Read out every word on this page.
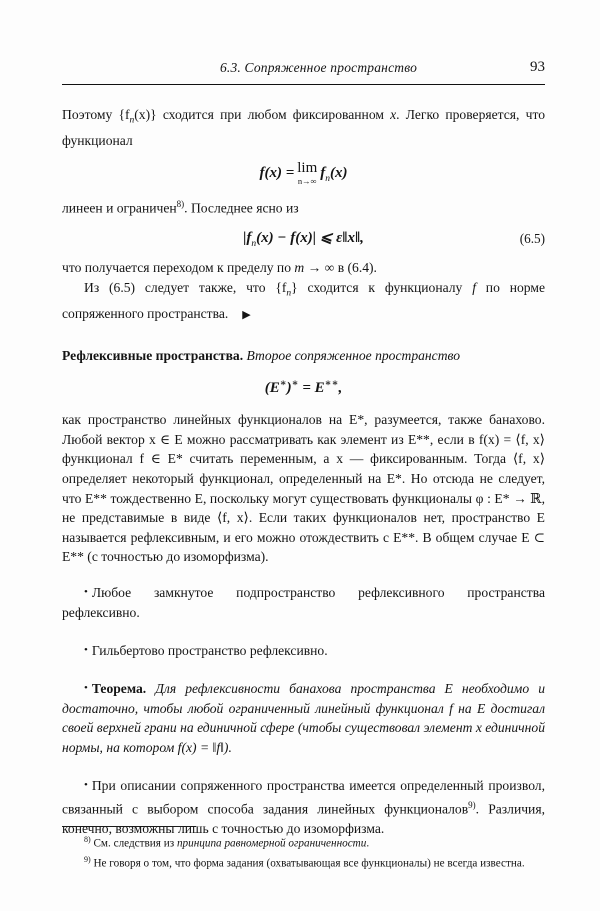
6.3. Сопряженное пространство	93

Поэтому $\{f_n(x)\}$ сходится при любом фиксированном x. Легко проверяется, что функционал

f(x) = lim
n→∞
$f_n(x)$

линеен и ограничен$^{8)}$. Последнее ясно из

$|f_n(x) - f(x)|$ ⩽ ε‖x‖,	(6.5)

что получается переходом к пределу по m → ∞ в (6.4).

Из (6.5) следует также, что $\{f_n\}$ сходится к функционалу f по норме сопряженного пространства. ▶

Рефлексивные пространства. Второе сопряженное пространство

(E∗)∗ = E∗∗,

как пространство линейных функционалов на E*, разумеется, также банахово. Любой вектор x ∈ E можно рассматривать как элемент из E**, если в f(x) = ⟨f, x⟩ функционал f ∈ E* считать переменным, а x — фиксированным. Тогда ⟨f, x⟩ определяет некоторый функционал, определенный на E*. Но отсюда не следует, что E** тождественно E, поскольку могут существовать функционалы φ : E* → ℝ, не представимые в виде ⟨f, x⟩. Если таких функционалов нет, пространство E называется рефлексивным, и его можно отождествить с E**. В общем случае E ⊂ E** (с точностью до изоморфизма).

• Любое замкнутое подпространство рефлексивного пространства рефлексивно.

• Гильбертово пространство рефлексивно.

• Теорема. Для рефлексивности банахова пространства E необходимо и достаточно, чтобы любой ограниченный линейный функционал f на E достигал своей верхней грани на единичной сфере (чтобы существовал элемент x единичной нормы, на котором f(x) = ‖f‖).

• При описании сопряженного пространства имеется определенный произвол, связанный с выбором способа задания линейных функционалов$^{9)}$. Различия, конечно, возможны лишь с точностью до изоморфизма.

$^{8)}$ См. следствия из принципа равномерной ограниченности.

$^{9)}$ Не говоря о том, что форма задания (охватывающая все функционалы) не всегда известна.
